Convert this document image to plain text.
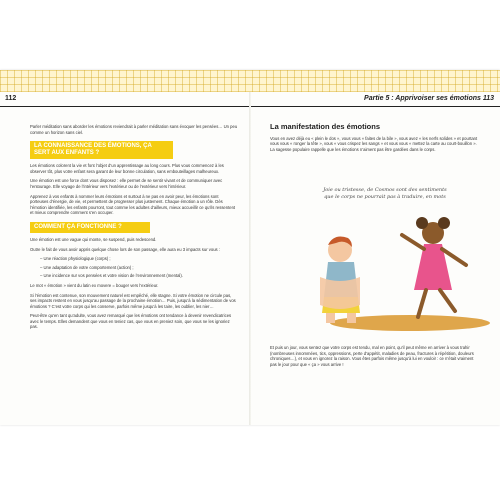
112	Partie 5 : Apprivoiser ses émotions 113

Parler méditation sans aborder les émotions reviendrait à parler méditation sans évoquer les pensées… Un peu comme un horizon sans ciel.

LA CONNAISSANCE DES ÉMOTIONS, ÇA SERT AUX ENFANTS ?

Les émotions colorent la vie et font l’objet d’un apprentissage au long cours. Plus vous commencez à les observer tôt, plus votre enfant sera garant de leur bonne circulation, sans embouteillages malheureux.

Une émotion est une force dont vous disposez : elle permet de se sentir vivant et de communiquer avec l’entourage. Elle voyage de l’intérieur vers l’extérieur ou de l’extérieur vers l’intérieur.

Apprenez à vos enfants à nommer leurs émotions et surtout à ne pas en avoir peur, les émotions sont porteuses d’énergie, de vie, et permettent de progresser plus justement. Chaque émotion a un rôle. Dès l’émotion identifiée, les enfants pourront, tout comme les adultes d’ailleurs, mieux accueillir ce qu’ils ressentent et mieux comprendre comment s’en occuper.

COMMENT ÇA FONCTIONNE ?

Une émotion est une vague qui monte, se suspend, puis redescend.

Outre le fait de vous avoir appris quelque chose lors de son passage, elle aura eu 3 impacts sur vous :

– Une réaction physiologique (corps) ;
– Une adaptation de votre comportement (action) ;
– Une incidence sur vos pensées et votre vision de l’environnement (mental).

Le mot « émotion » vient du latin ex movere = bouger vers l’extérieur.

Si l’émotion est contenue, son mouvement naturel est empêché, elle stagne. Si votre émotion ne circule pas, ses impacts restent en vous jusqu’au passage de la prochaine émotion… Puis, jusqu’à la sédimentation de vos émotions ? C’est votre corps qui les conserve, parfois même jusqu’à les taire, les oublier, les nier…

Peut-être qu’en tant qu’adulte, vous avez remarqué que les émotions ont tendance à devenir revendicatrices avec le temps. Elles demandent que vous en teniez cas, que vous en preniez soin, que vous ne les ignoriez pas.

La manifestation des émotions

Vous en avez déjà eu « plein le dos », vous vous « faites de la bile », vous avez « les nerfs solides » et pourtant vous vous « ronger la tête », vous « vous crispez les sangs » et vous vous « mettez la carte au court-bouillon ». La sagesse populaire rappelle que les émotions n’aiment pas être gardées dans le corps.

Joie ou tristesse, de Cosmos sont des sentiments que le corps ne pourrait pas à traduire, en mots

Et puis un jour, vous sentez que votre corps est tendu, mal en point, qu’il peut même en arriver à vous trahir (nombreuses innommées, tics, oppressions, perte d’appétit, maladies de peau, fractures à répétition, douleurs chroniques…), et vous en ignorez la raison. Vous êtes parfois même jusqu’à lui en vouloir : ce n’était vraiment pas le jour pour que « ça » vous arrive !
